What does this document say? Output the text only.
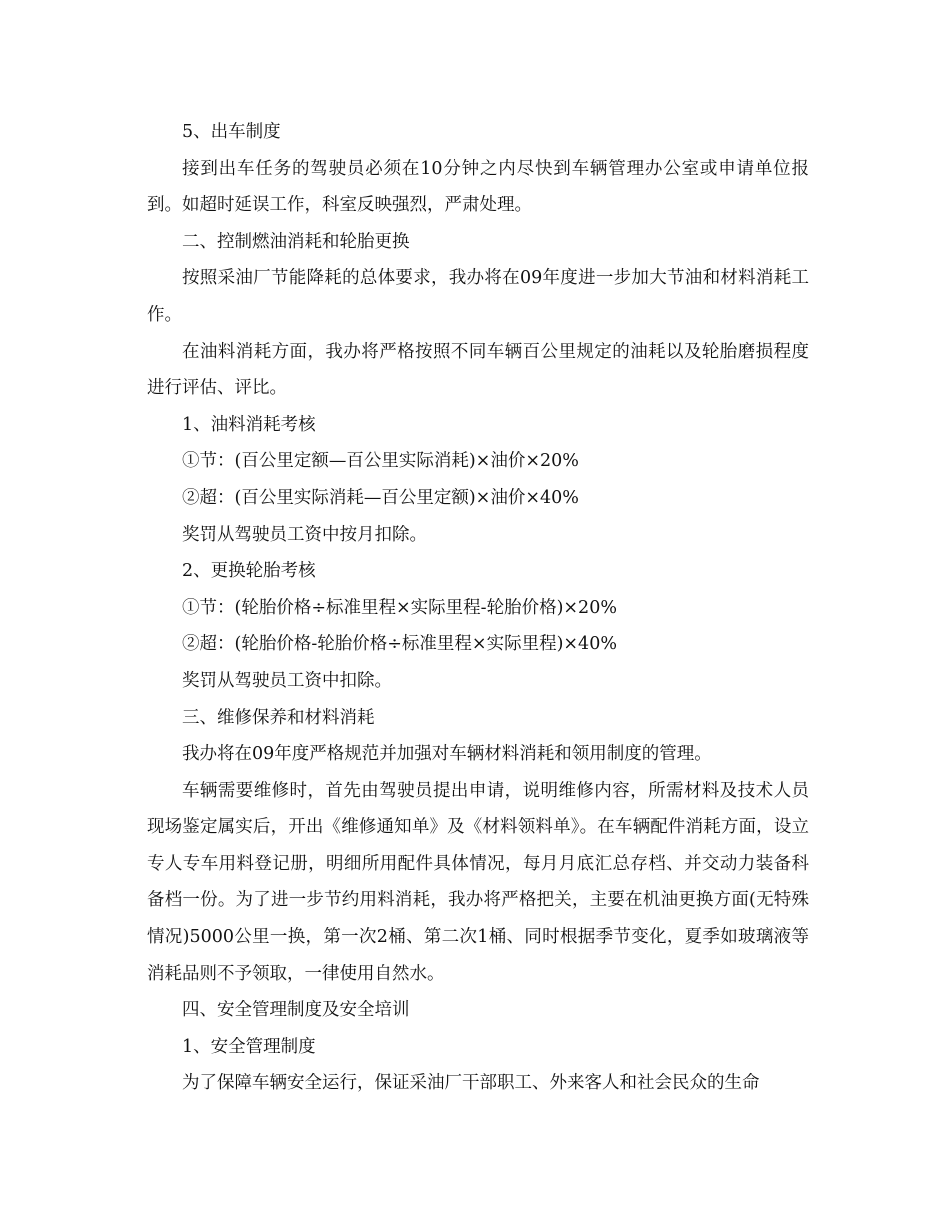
5、出车制度

接到出车任务的驾驶员必须在10分钟之内尽快到车辆管理办公室或申请单位报到。如超时延误工作，科室反映强烈，严肃处理。

二、控制燃油消耗和轮胎更换

按照采油厂节能降耗的总体要求，我办将在09年度进一步加大节油和材料消耗工作。

在油料消耗方面，我办将严格按照不同车辆百公里规定的油耗以及轮胎磨损程度进行评估、评比。

1、油料消耗考核

①节：(百公里定额—百公里实际消耗)×油价×20%

②超：(百公里实际消耗—百公里定额)×油价×40%

奖罚从驾驶员工资中按月扣除。

2、更换轮胎考核

①节：(轮胎价格÷标准里程×实际里程-轮胎价格)×20%

②超：(轮胎价格-轮胎价格÷标准里程×实际里程)×40%

奖罚从驾驶员工资中扣除。

三、维修保养和材料消耗

我办将在09年度严格规范并加强对车辆材料消耗和领用制度的管理。

车辆需要维修时，首先由驾驶员提出申请，说明维修内容，所需材料及技术人员现场鉴定属实后，开出《维修通知单》及《材料领料单》。在车辆配件消耗方面，设立专人专车用料登记册，明细所用配件具体情况，每月月底汇总存档、并交动力装备科备档一份。为了进一步节约用料消耗，我办将严格把关，主要在机油更换方面(无特殊情况)5000公里一换，第一次2桶、第二次1桶、同时根据季节变化，夏季如玻璃液等消耗品则不予领取，一律使用自然水。

四、安全管理制度及安全培训

1、安全管理制度

为了保障车辆安全运行，保证采油厂干部职工、外来客人和社会民众的生命
